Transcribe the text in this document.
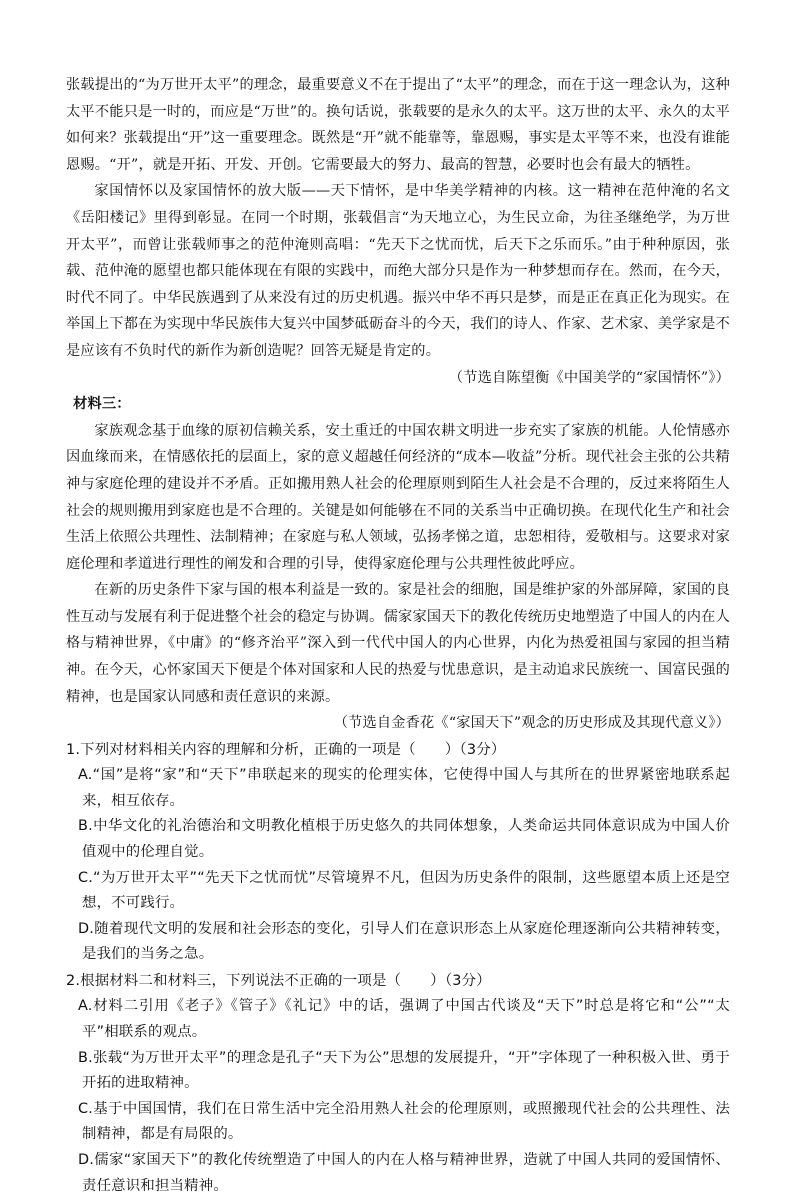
张载提出的“为万世开太平”的理念，最重要意义不在于提出了“太平”的理念，而在于这一理念认为，这种太平不能只是一时的，而应是“万世”的。换句话说，张载要的是永久的太平。这万世的太平、永久的太平如何来？张载提出“开”这一重要理念。既然是“开”就不能靠等，靠恩赐，事实是太平等不来，也没有谁能恩赐。“开”，就是开拓、开发、开创。它需要最大的努力、最高的智慧，必要时也会有最大的牺牲。

家国情怀以及家国情怀的放大版——天下情怀，是中华美学精神的内核。这一精神在范仲淹的名文《岳阳楼记》里得到彰显。在同一个时期，张载倡言“为天地立心，为生民立命，为往圣继绝学，为万世开太平”，而曾让张载师事之的范仲淹则高唱：“先天下之忧而忧，后天下之乐而乐。”由于种种原因，张载、范仲淹的愿望也都只能体现在有限的实践中，而绝大部分只是作为一种梦想而存在。然而，在今天，时代不同了。中华民族遇到了从来没有过的历史机遇。振兴中华不再只是梦，而是正在真正化为现实。在举国上下都在为实现中华民族伟大复兴中国梦砥砺奋斗的今天，我们的诗人、作家、艺术家、美学家是不是应该有不负时代的新作为新创造呢？回答无疑是肯定的。

（节选自陈望衡《中国美学的“家国情怀”》）

材料三：

家族观念基于血缘的原初信赖关系，安土重迁的中国农耕文明进一步充实了家族的机能。人伦情感亦因血缘而来，在情感依托的层面上，家的意义超越任何经济的“成本—收益”分析。现代社会主张的公共精神与家庭伦理的建设并不矛盾。正如搬用熟人社会的伦理原则到陌生人社会是不合理的，反过来将陌生人社会的规则搬用到家庭也是不合理的。关键是如何能够在不同的关系当中正确切换。在现代化生产和社会生活上依照公共理性、法制精神；在家庭与私人领域，弘扬孝悌之道，忠恕相待，爱敬相与。这要求对家庭伦理和孝道进行理性的阐发和合理的引导，使得家庭伦理与公共理性彼此呼应。

在新的历史条件下家与国的根本利益是一致的。家是社会的细胞，国是维护家的外部屏障，家国的良性互动与发展有利于促进整个社会的稳定与协调。儒家家国天下的教化传统历史地塑造了中国人的内在人格与精神世界，《中庸》的“修齐治平”深入到一代代中国人的内心世界，内化为热爱祖国与家园的担当精神。在今天，心怀家国天下便是个体对国家和人民的热爱与忧患意识，是主动追求民族统一、国富民强的精神，也是国家认同感和责任意识的来源。

（节选自金香花《“家国天下”观念的历史形成及其现代意义》）

1.下列对材料相关内容的理解和分析，正确的一项是（　　）（3分）

A.“国”是将“家”和“天下”串联起来的现实的伦理实体，它使得中国人与其所在的世界紧密地联系起来，相互依存。

B.中华文化的礼治德治和文明教化植根于历史悠久的共同体想象，人类命运共同体意识成为中国人价值观中的伦理自觉。

C.“为万世开太平”“先天下之忧而忧”尽管境界不凡，但因为历史条件的限制，这些愿望本质上还是空想，不可践行。

D.随着现代文明的发展和社会形态的变化，引导人们在意识形态上从家庭伦理逐渐向公共精神转变，是我们的当务之急。

2.根据材料二和材料三，下列说法不正确的一项是（　　）（3分）

A.材料二引用《老子》《管子》《礼记》中的话，强调了中国古代谈及“天下”时总是将它和“公”“太平”相联系的观点。

B.张载“为万世开太平”的理念是孔子“天下为公”思想的发展提升，“开”字体现了一种积极入世、勇于开拓的进取精神。

C.基于中国国情，我们在日常生活中完全沿用熟人社会的伦理原则，或照搬现代社会的公共理性、法制精神，都是有局限的。

D.儒家“家国天下”的教化传统塑造了中国人的内在人格与精神世界，造就了中国人共同的爱国情怀、责任意识和担当精神。
